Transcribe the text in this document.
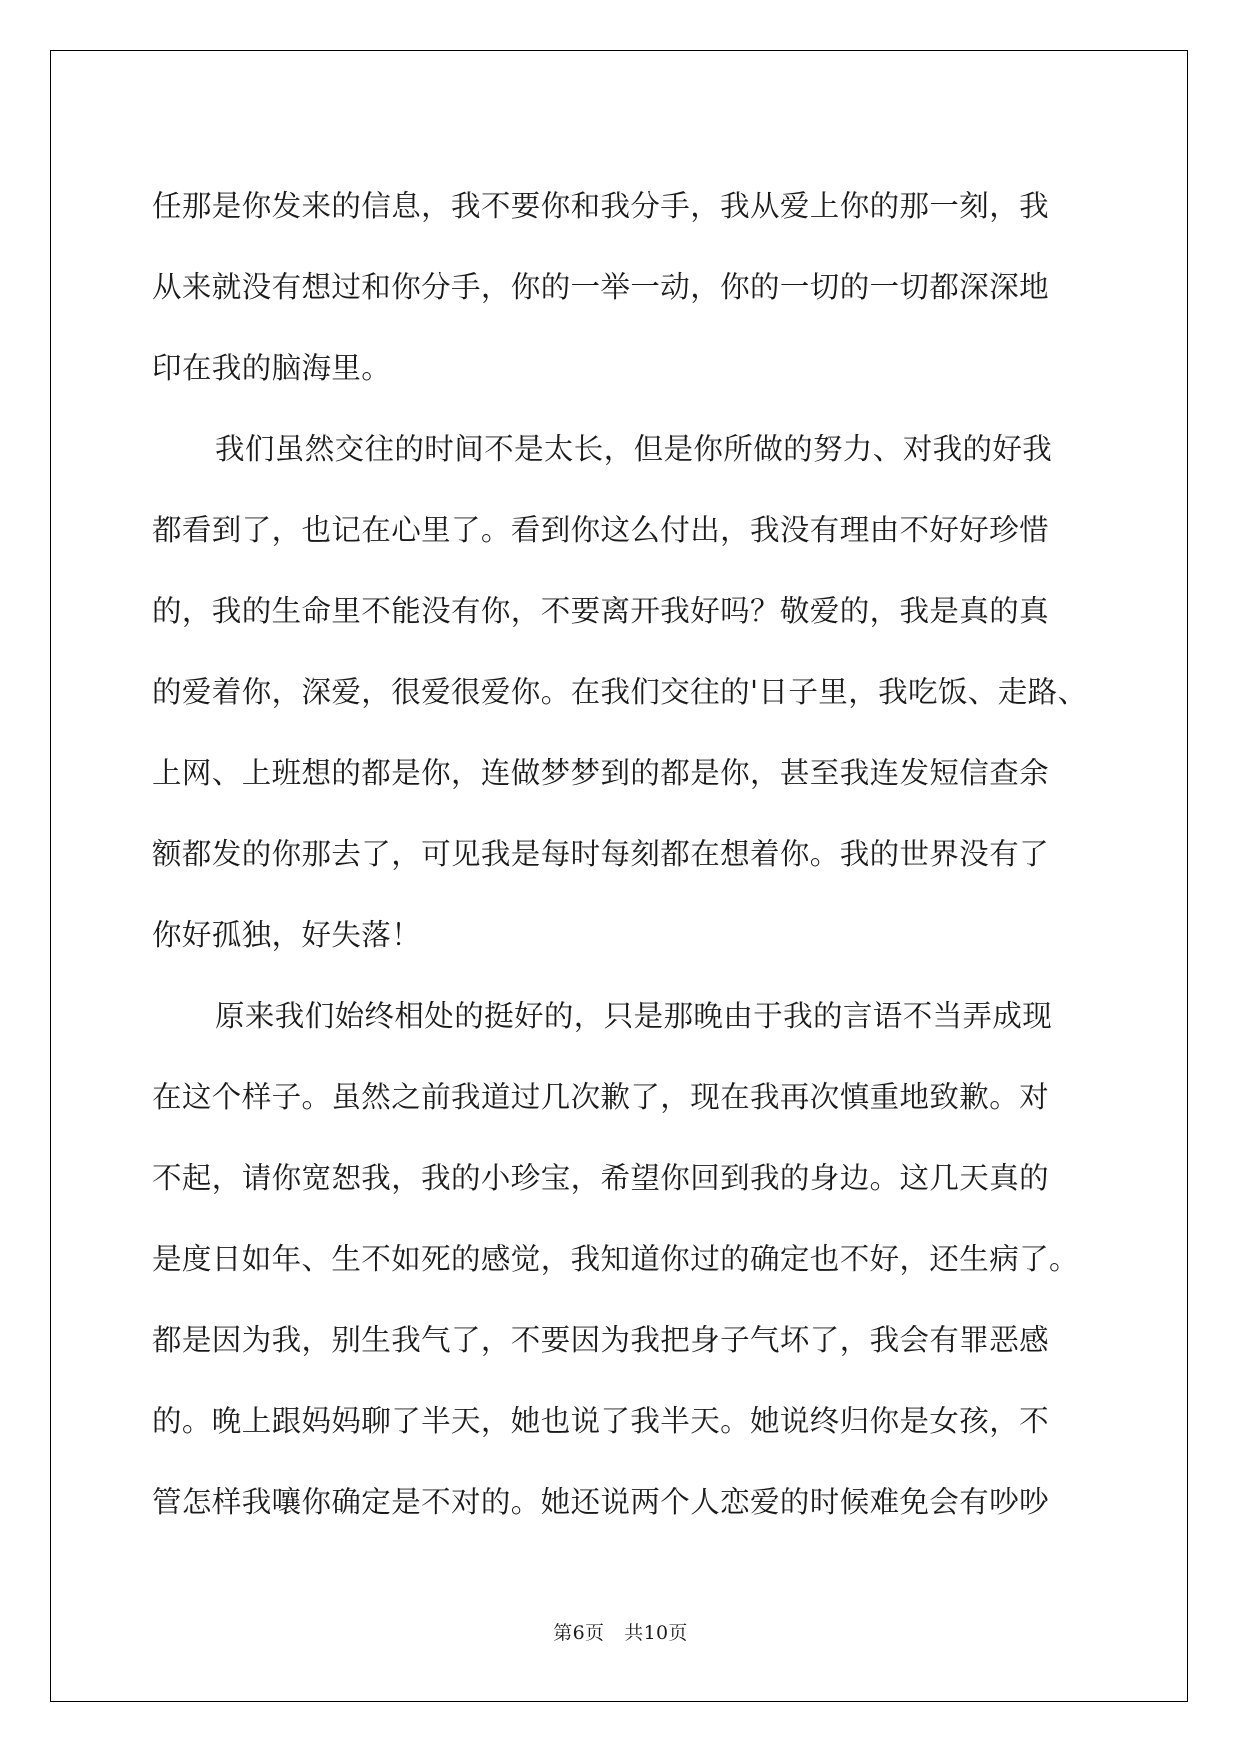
任那是你发来的信息，我不要你和我分手，我从爱上你的那一刻，我
从来就没有想过和你分手，你的一举一动，你的一切的一切都深深地
印在我的脑海里。
我们虽然交往的时间不是太长，但是你所做的努力、对我的好我
都看到了，也记在心里了。看到你这么付出，我没有理由不好好珍惜
的，我的生命里不能没有你，不要离开我好吗？敬爱的，我是真的真
的爱着你，深爱，很爱很爱你。在我们交往的'日子里，我吃饭、走路、
上网、上班想的都是你，连做梦梦到的都是你，甚至我连发短信查余
额都发的你那去了，可见我是每时每刻都在想着你。我的世界没有了
你好孤独，好失落！
原来我们始终相处的挺好的，只是那晚由于我的言语不当弄成现
在这个样子。虽然之前我道过几次歉了，现在我再次慎重地致歉。对
不起，请你宽恕我，我的小珍宝，希望你回到我的身边。这几天真的
是度日如年、生不如死的感觉，我知道你过的确定也不好，还生病了。
都是因为我，别生我气了，不要因为我把身子气坏了，我会有罪恶感
的。晚上跟妈妈聊了半天，她也说了我半天。她说终归你是女孩，不
管怎样我嚷你确定是不对的。她还说两个人恋爱的时候难免会有吵吵
第6页 共10页
